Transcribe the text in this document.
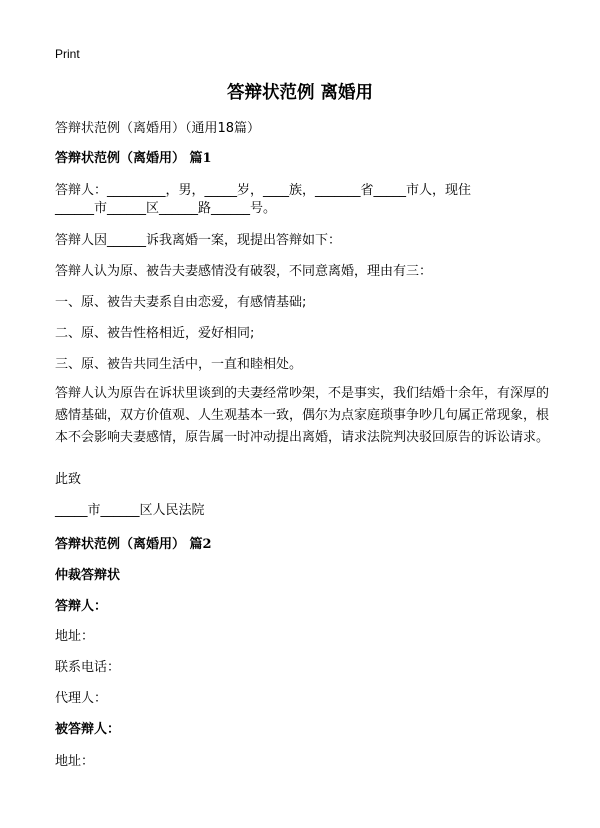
Print
答辩状范例 离婚用
答辩状范例（离婚用）（通用18篇）
答辩状范例（离婚用） 篇1
答辩人：_________，男，_____岁，____族，_______省_____市人，现住
______市______区______路______号。
答辩人因______诉我离婚一案，现提出答辩如下：
答辩人认为原、被告夫妻感情没有破裂，不同意离婚，理由有三：
一、原、被告夫妻系自由恋爱，有感情基础;
二、原、被告性格相近，爱好相同;
三、原、被告共同生活中，一直和睦相处。
答辩人认为原告在诉状里谈到的夫妻经常吵架，不是事实，我们结婚十余年，有深厚的感情基础，双方价值观、人生观基本一致，偶尔为点家庭琐事争吵几句属正常现象，根本不会影响夫妻感情，原告属一时冲动提出离婚，请求法院判决驳回原告的诉讼请求。
此致
_____市______区人民法院
答辩状范例（离婚用） 篇2
仲裁答辩状
答辩人：
地址：
联系电话：
代理人：
被答辩人：
地址：
